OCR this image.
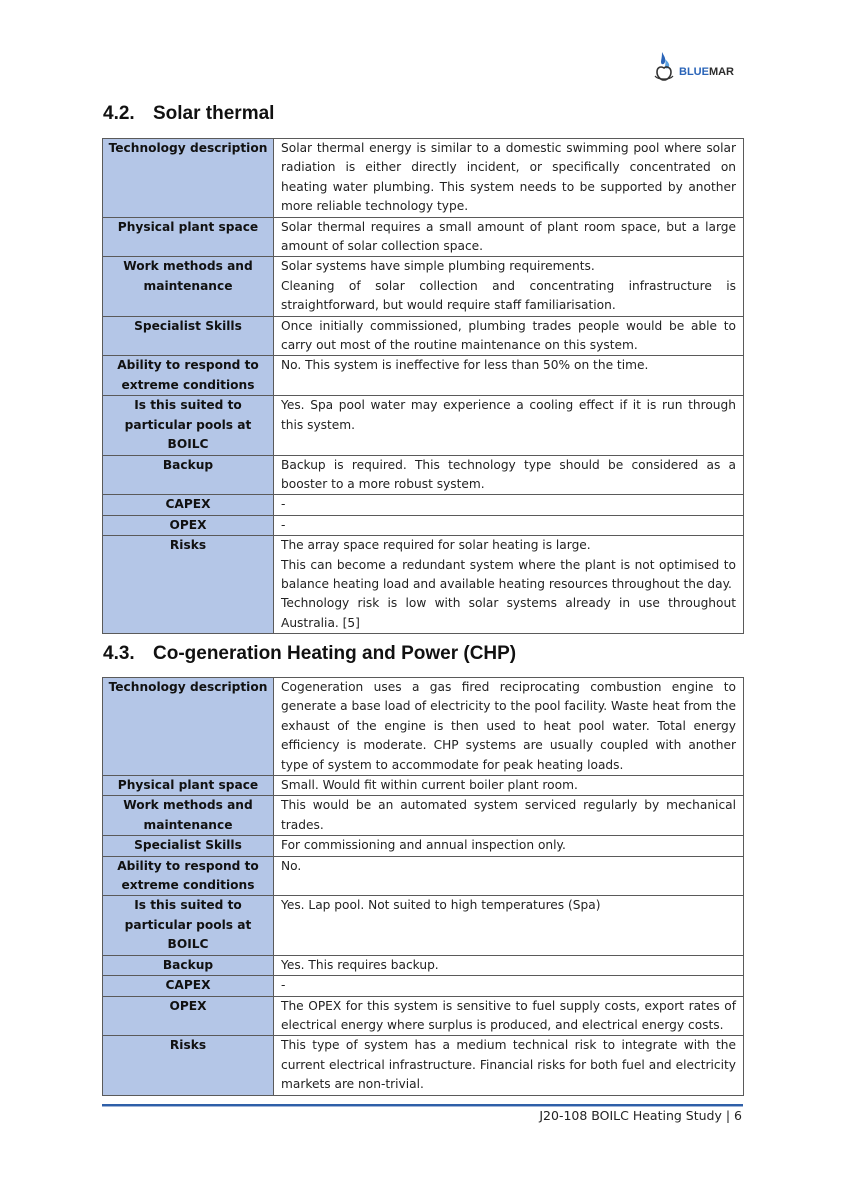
BLUEMAR
4.2. Solar thermal
Technology description	Solar thermal energy is similar to a domestic swimming pool where solar radiation is either directly incident, or specifically concentrated on heating water plumbing. This system needs to be supported by another more reliable technology type.
Physical plant space	Solar thermal requires a small amount of plant room space, but a large amount of solar collection space.
Work methods and maintenance	Solar systems have simple plumbing requirements.
Cleaning of solar collection and concentrating infrastructure is straightforward, but would require staff familiarisation.

Specialist Skills	Once initially commissioned, plumbing trades people would be able to carry out most of the routine maintenance on this system.
Ability to respond to extreme conditions	No. This system is ineffective for less than 50% on the time.
Is this suited to particular pools at BOILC	Yes. Spa pool water may experience a cooling effect if it is run through this system.
Backup	Backup is required. This technology type should be considered as a booster to a more robust system.
CAPEX	-
OPEX	-
Risks	The array space required for solar heating is large.
This can become a redundant system where the plant is not optimised to balance heating load and available heating resources throughout the day.
Technology risk is low with solar systems already in use throughout Australia. [5]
4.3. Co-generation Heating and Power (CHP)
Technology description	Cogeneration uses a gas fired reciprocating combustion engine to generate a base load of electricity to the pool facility. Waste heat from the exhaust of the engine is then used to heat pool water. Total energy efficiency is moderate. CHP systems are usually coupled with another type of system to accommodate for peak heating loads.
Physical plant space	Small. Would fit within current boiler plant room.
Work methods and maintenance	This would be an automated system serviced regularly by mechanical trades.
Specialist Skills	For commissioning and annual inspection only.
Ability to respond to extreme conditions	No.
Is this suited to particular pools at BOILC	Yes. Lap pool. Not suited to high temperatures (Spa)
Backup	Yes. This requires backup.
CAPEX	-
OPEX	The OPEX for this system is sensitive to fuel supply costs, export rates of electrical energy where surplus is produced, and electrical energy costs.
Risks	This type of system has a medium technical risk to integrate with the current electrical infrastructure. Financial risks for both fuel and electricity markets are non-trivial.
J20-108 BOILC Heating Study | 6
